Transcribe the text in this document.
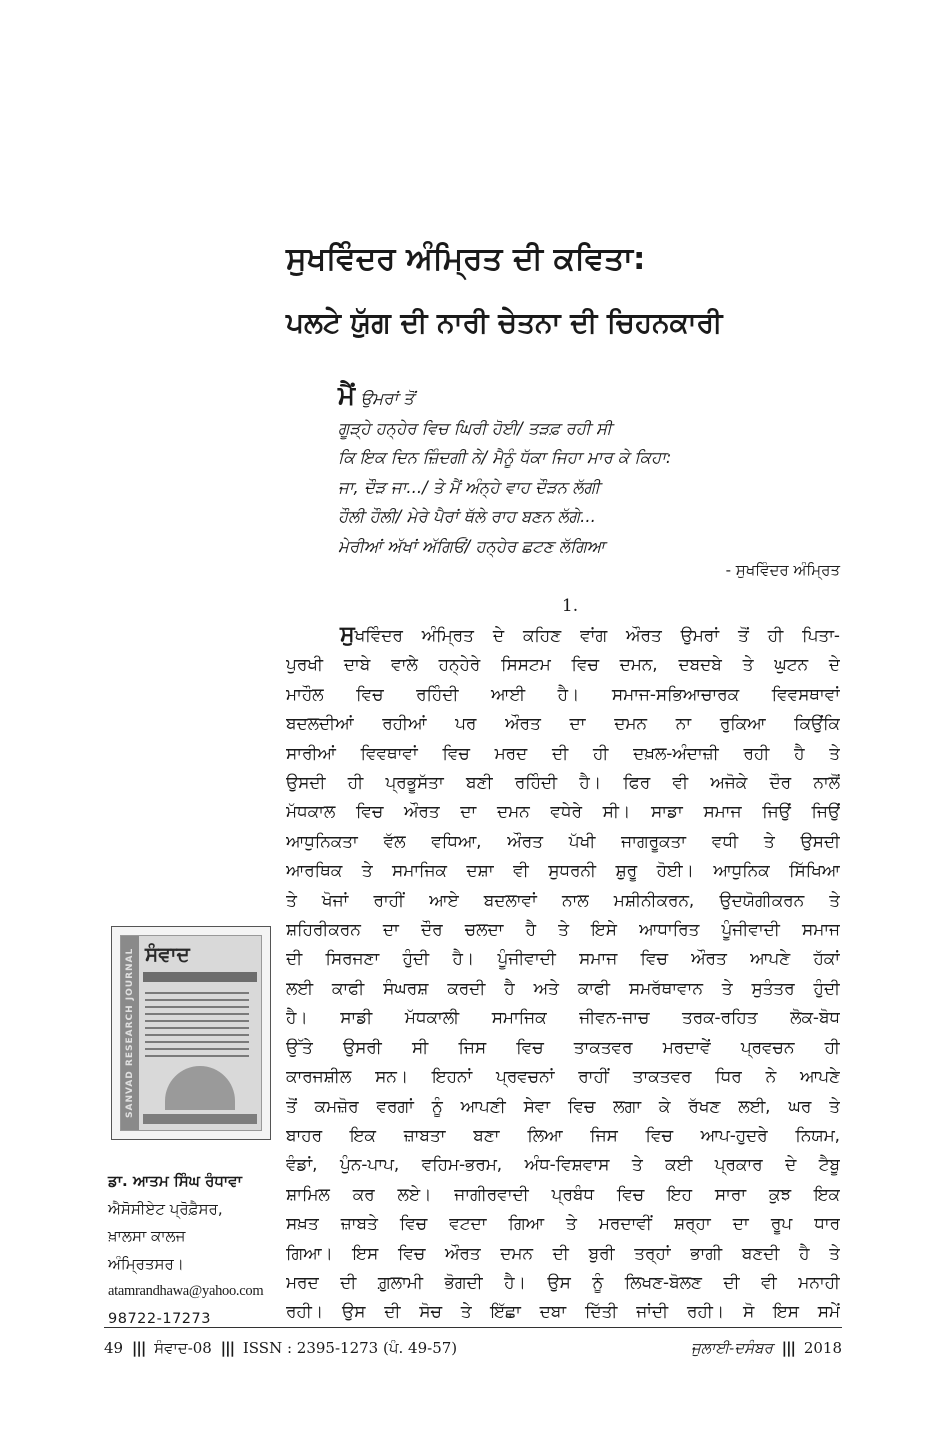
ਸੁਖਵਿੰਦਰ ਅੰਮ੍ਰਿਤ ਦੀ ਕਵਿਤਾ:
ਪਲਟੇ ਯੁੱਗ ਦੀ ਨਾਰੀ ਚੇਤਨਾ ਦੀ ਚਿਹਨਕਾਰੀ
ਮੈਂ ਉਮਰਾਂ ਤੋਂ
ਗੂੜ੍ਹੇ ਹਨ੍ਹੇਰ ਵਿਚ ਘਿਰੀ ਹੋਈ/ ਤੜਫ਼ ਰਹੀ ਸੀ
ਕਿ ਇਕ ਦਿਨ ਜ਼ਿੰਦਗੀ ਨੇ/ ਮੈਨੂੰ ਧੱਕਾ ਜਿਹਾ ਮਾਰ ਕੇ ਕਿਹਾ:
ਜਾ, ਦੌੜ ਜਾ.../ ਤੇ ਮੈਂ ਅੰਨ੍ਹੇ ਵਾਹ ਦੌੜਨ ਲੱਗੀ
ਹੌਲੀ ਹੌਲੀ/ ਮੇਰੇ ਪੈਰਾਂ ਥੱਲੇ ਰਾਹ ਬਣਨ ਲੱਗੇ...
ਮੇਰੀਆਂ ਅੱਖਾਂ ਅੱਗਿਓਂ/ ਹਨ੍ਹੇਰ ਛਟਣ ਲੱਗਿਆ
- ਸੁਖਵਿੰਦਰ ਅੰਮ੍ਰਿਤ
1.
ਸੁਖਵਿੰਦਰ ਅੰਮ੍ਰਿਤ ਦੇ ਕਹਿਣ ਵਾਂਗ ਔਰਤ ਉਮਰਾਂ ਤੋਂ ਹੀ ਪਿਤਾ-
ਪੁਰਖੀ ਦਾਬੇ ਵਾਲੇ ਹਨ੍ਹੇਰੇ ਸਿਸਟਮ ਵਿਚ ਦਮਨ, ਦਬਦਬੇ ਤੇ ਘੁਟਨ ਦੇ
ਮਾਹੌਲ ਵਿਚ ਰਹਿੰਦੀ ਆਈ ਹੈ। ਸਮਾਜ-ਸਭਿਆਚਾਰਕ ਵਿਵਸਥਾਵਾਂ
ਬਦਲਦੀਆਂ ਰਹੀਆਂ ਪਰ ਔਰਤ ਦਾ ਦਮਨ ਨਾ ਰੁਕਿਆ ਕਿਉਂਕਿ
ਸਾਰੀਆਂ ਵਿਵਥਾਵਾਂ ਵਿਚ ਮਰਦ ਦੀ ਹੀ ਦਖ਼ਲ-ਅੰਦਾਜ਼ੀ ਰਹੀ ਹੈ ਤੇ
ਉਸਦੀ ਹੀ ਪ੍ਰਭੂਸੱਤਾ ਬਣੀ ਰਹਿੰਦੀ ਹੈ। ਫਿਰ ਵੀ ਅਜੋਕੇ ਦੌਰ ਨਾਲੋਂ
ਮੱਧਕਾਲ ਵਿਚ ਔਰਤ ਦਾ ਦਮਨ ਵਧੇਰੇ ਸੀ। ਸਾਡਾ ਸਮਾਜ ਜਿਉਂ ਜਿਉਂ
ਆਧੁਨਿਕਤਾ ਵੱਲ ਵਧਿਆ, ਔਰਤ ਪੱਖੀ ਜਾਗਰੂਕਤਾ ਵਧੀ ਤੇ ਉਸਦੀ
ਆਰਥਿਕ ਤੇ ਸਮਾਜਿਕ ਦਸ਼ਾ ਵੀ ਸੁਧਰਨੀ ਸ਼ੁਰੂ ਹੋਈ। ਆਧੁਨਿਕ ਸਿੱਖਿਆ
ਤੇ ਖੋਜਾਂ ਰਾਹੀਂ ਆਏ ਬਦਲਾਵਾਂ ਨਾਲ ਮਸ਼ੀਨੀਕਰਨ, ਉਦਯੋਗੀਕਰਨ ਤੇ
ਸ਼ਹਿਰੀਕਰਨ ਦਾ ਦੌਰ ਚਲਦਾ ਹੈ ਤੇ ਇਸੇ ਆਧਾਰਿਤ ਪੂੰਜੀਵਾਦੀ ਸਮਾਜ
ਦੀ ਸਿਰਜਣਾ ਹੁੰਦੀ ਹੈ। ਪੂੰਜੀਵਾਦੀ ਸਮਾਜ ਵਿਚ ਔਰਤ ਆਪਣੇ ਹੱਕਾਂ
ਲਈ ਕਾਫੀ ਸੰਘਰਸ਼ ਕਰਦੀ ਹੈ ਅਤੇ ਕਾਫੀ ਸਮਰੱਥਾਵਾਨ ਤੇ ਸੁਤੰਤਰ ਹੁੰਦੀ
ਹੈ। ਸਾਡੀ ਮੱਧਕਾਲੀ ਸਮਾਜਿਕ ਜੀਵਨ-ਜਾਚ ਤਰਕ-ਰਹਿਤ ਲੋਕ-ਬੋਧ
ਉੱਤੇ ਉਸਰੀ ਸੀ ਜਿਸ ਵਿਚ ਤਾਕਤਵਰ ਮਰਦਾਵੇਂ ਪ੍ਰਵਚਨ ਹੀ
ਕਾਰਜਸ਼ੀਲ ਸਨ। ਇਹਨਾਂ ਪ੍ਰਵਚਨਾਂ ਰਾਹੀਂ ਤਾਕਤਵਰ ਧਿਰ ਨੇ ਆਪਣੇ
ਤੋਂ ਕਮਜ਼ੋਰ ਵਰਗਾਂ ਨੂੰ ਆਪਣੀ ਸੇਵਾ ਵਿਚ ਲਗਾ ਕੇ ਰੱਖਣ ਲਈ, ਘਰ ਤੇ
ਬਾਹਰ ਇਕ ਜ਼ਾਬਤਾ ਬਣਾ ਲਿਆ ਜਿਸ ਵਿਚ ਆਪ-ਹੁਦਰੇ ਨਿਯਮ,
ਵੰਡਾਂ, ਪੁੰਨ-ਪਾਪ, ਵਹਿਮ-ਭਰਮ, ਅੰਧ-ਵਿਸ਼ਵਾਸ ਤੇ ਕਈ ਪ੍ਰਕਾਰ ਦੇ ਟੈਬੂ
ਸ਼ਾਮਿਲ ਕਰ ਲਏ। ਜਾਗੀਰਵਾਦੀ ਪ੍ਰਬੰਧ ਵਿਚ ਇਹ ਸਾਰਾ ਕੁਝ ਇਕ
ਸਖ਼ਤ ਜ਼ਾਬਤੇ ਵਿਚ ਵਟਦਾ ਗਿਆ ਤੇ ਮਰਦਾਵੀਂ ਸ਼ਰ੍ਹਾ ਦਾ ਰੂਪ ਧਾਰ
ਗਿਆ। ਇਸ ਵਿਚ ਔਰਤ ਦਮਨ ਦੀ ਬੁਰੀ ਤਰ੍ਹਾਂ ਭਾਗੀ ਬਣਦੀ ਹੈ ਤੇ
ਮਰਦ ਦੀ ਗ਼ੁਲਾਮੀ ਭੋਗਦੀ ਹੈ। ਉਸ ਨੂੰ ਲਿਖਣ-ਬੋਲਣ ਦੀ ਵੀ ਮਨਾਹੀ
ਰਹੀ। ਉਸ ਦੀ ਸੋਚ ਤੇ ਇੱਛਾ ਦਬਾ ਦਿੱਤੀ ਜਾਂਦੀ ਰਹੀ। ਸੋ ਇਸ ਸਮੇਂ
SANVAD RESEARCH JOURNAL ਸੰਵਾਦ
ਡਾ. ਆਤਮ ਸਿੰਘ ਰੰਧਾਵਾ
ਐਸੋਸੀਏਟ ਪ੍ਰੋਫ਼ੈਸਰ,
ਖ਼ਾਲਸਾ ਕਾਲਜ
ਅੰਮ੍ਰਿਤਸਰ।
atamrandhawa@yahoo.com
98722-17273
49 ||| ਸੰਵਾਦ-08 ||| ISSN : 2395-1273 (ਪੰ. 49-57)	ਜੁਲਾਈ-ਦਸੰਬਰ ||| 2018
